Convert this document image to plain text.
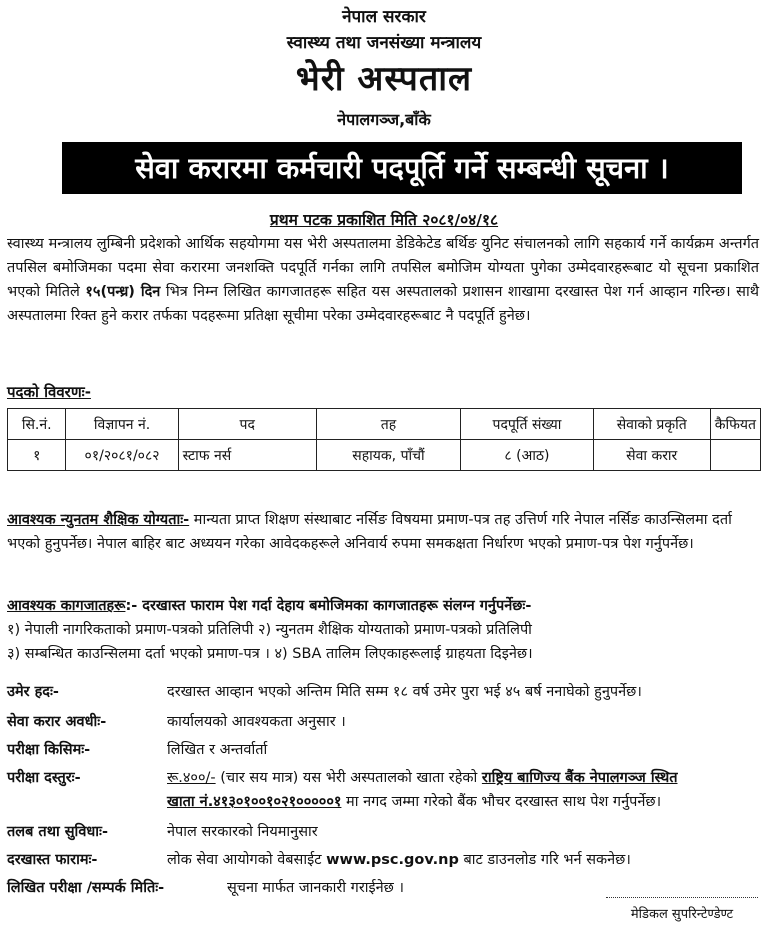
नेपाल सरकार
स्वास्थ्य तथा जनसंख्या मन्त्रालय
भेरी अस्पताल
नेपालगञ्ज,बाँके
सेवा करारमा कर्मचारी पदपूर्ति गर्ने सम्बन्धी सूचना ।
प्रथम पटक प्रकाशित मिति २०८१/०४/१८
स्वास्थ्य मन्त्रालय लुम्बिनी प्रदेशको आर्थिक सहयोगमा यस भेरी अस्पतालमा डेडिकेटेड बर्थिङ युनिट संचालनको लागि सहकार्य गर्ने कार्यक्रम अन्तर्गत तपसिल बमोजिमका पदमा सेवा करारमा जनशक्ति पदपूर्ति गर्नका लागि तपसिल बमोजिम योग्यता पुगेका उम्मेदवारहरूबाट यो सूचना प्रकाशित भएको मितिले १५(पन्ध्र) दिन भित्र निम्न लिखित कागजातहरू सहित यस अस्पतालको प्रशासन शाखामा दरखास्त पेश गर्न आव्हान गरिन्छ। साथै अस्पतालमा रिक्त हुने करार तर्फका पदहरूमा प्रतिक्षा सूचीमा परेका उम्मेदवारहरूबाट नै पदपूर्ति हुनेछ।
पदको विवरणः-
सि.नं.	विज्ञापन नं.	पद	तह	पदपूर्ति संख्या	सेवाको प्रकृति	कैफियत
१	०१/२०८१/०८२	स्टाफ नर्स	सहायक, पाँचौं	८ (आठ)	सेवा करार	
आवश्यक न्युनतम शैक्षिक योग्यताः- मान्यता प्राप्त शिक्षण संस्थाबाट नर्सिङ विषयमा प्रमाण-पत्र तह उत्तिर्ण गरि नेपाल नर्सिङ काउन्सिलमा दर्ता भएको हुनुपर्नेछ। नेपाल बाहिर बाट अध्ययन गरेका आवेदकहरूले अनिवार्य रुपमा समकक्षता निर्धारण भएको प्रमाण-पत्र पेश गर्नुपर्नेछ।
आवश्यक कागजातहरू:- दरखास्त फाराम पेश गर्दा देहाय बमोजिमका कागजातहरू संलग्न गर्नुपर्नेछः-
१) नेपाली नागरिकताको प्रमाण-पत्रको प्रतिलिपी २) न्युनतम शैक्षिक योग्यताको प्रमाण-पत्रको प्रतिलिपी
३) सम्बन्धित काउन्सिलमा दर्ता भएको प्रमाण-पत्र । ४) SBA तालिम लिएकाहरूलाई ग्राहयता दिइनेछ।
उमेर हदः-	दरखास्त आव्हान भएको अन्तिम मिति सम्म १८ वर्ष उमेर पुरा भई ४५ बर्ष ननाघेको हुनुपर्नेछ।
सेवा करार अवधीः-	कार्यालयको आवश्यकता अनुसार ।
परीक्षा किसिमः-	लिखित र अन्तर्वार्ता
परीक्षा दस्तुरः-	रू.४००/- (चार सय मात्र) यस भेरी अस्पतालको खाता रहेको राष्ट्रिय बाणिज्य बैंक नेपालगञ्ज स्थित
खाता नं.४१३०१००१०२१०००००१ मा नगद जम्मा गरेको बैंक भौचर दरखास्त साथ पेश गर्नुपर्नेछ।
तलब तथा सुविधाः-	नेपाल सरकारको नियमानुसार
दरखास्त फारामः-	लोक सेवा आयोगको वेबसाईट www.psc.gov.np बाट डाउनलोड गरि भर्न सकनेछ।
लिखित परीक्षा /सम्पर्क मितिः-	सूचना मार्फत जानकारी गराईनेछ ।
मेडिकल सुपरिन्टेण्डेण्ट
